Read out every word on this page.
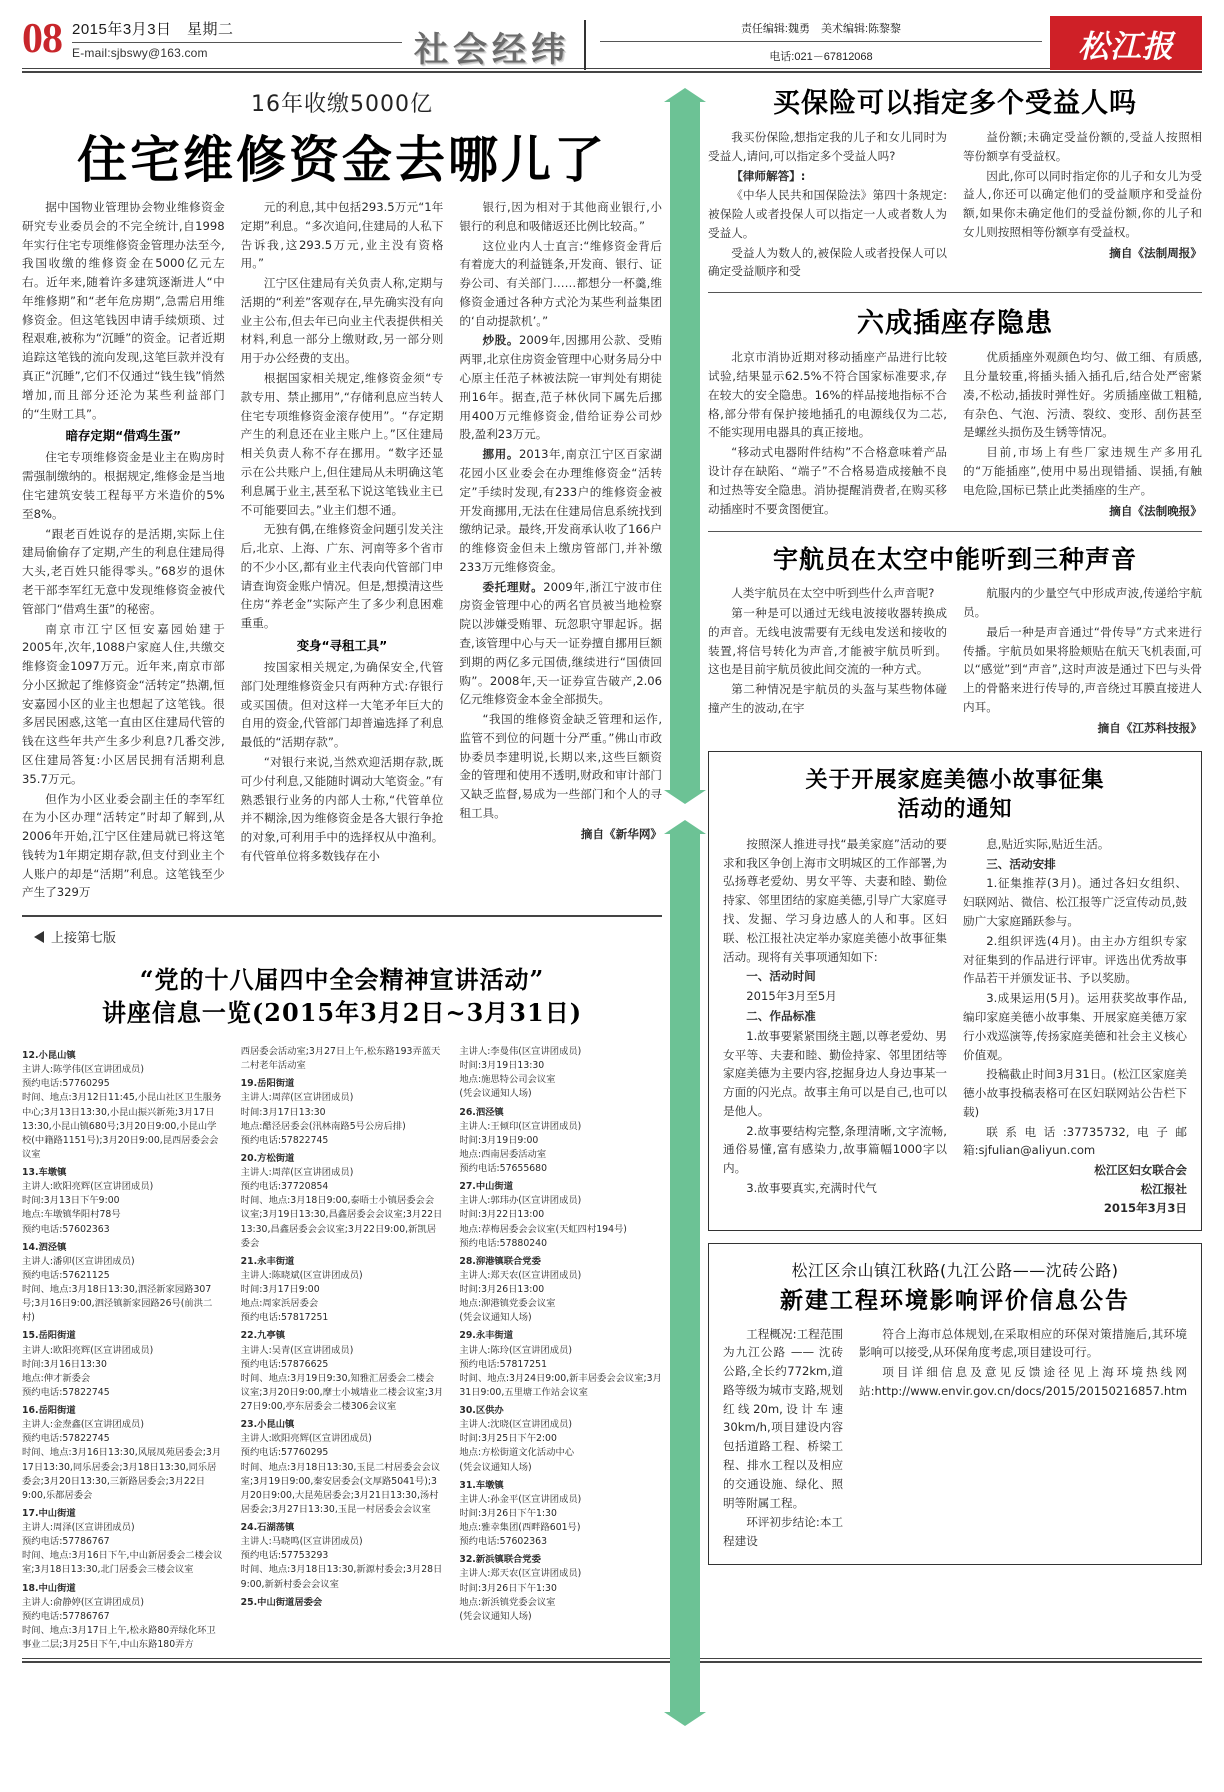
08 2015年3月3日　星期二
E-mail:sjbswy@163.com	社会经纬
责任编辑:魏勇　美术编辑:陈黎黎
电话:021－67812068	松江报
16年收缴5000亿
住宅维修资金去哪儿了

据中国物业管理协会物业维修资金研究专业委员会的不完全统计,自1998年实行住宅专项维修资金管理办法至今,我国收缴的维修资金在5000亿元左右。近年来,随着许多建筑逐渐进人“中年维修期”和“老年危房期”,急需启用维修资金。但这笔钱因申请手续烦琐、过程艰难,被称为“沉睡”的资金。记者近期追踪这笔钱的流向发现,这笔巨款并没有真正“沉睡”,它们不仅通过“钱生钱”悄然增加,而且部分还沦为某些利益部门的“生财工具”。

暗存定期“借鸡生蛋”

住宅专项维修资金是业主在购房时需强制缴纳的。根据规定,维修金是当地住宅建筑安装工程每平方米造价的5%至8%。

“跟老百姓说存的是活期,实际上住建局偷偷存了定期,产生的利息住建局得大头,老百姓只能得零头。”68岁的退休老干部李军红无意中发现维修资金被代管部门“借鸡生蛋”的秘密。

南京市江宁区恒安嘉园始建于2005年,次年,1088户家庭人住,共缴交维修资金1097万元。近年来,南京市部分小区掀起了维修资金“活转定”热潮,恒安嘉园小区的业主也想起了这笔钱。很多居民困惑,这笔一直由区住建局代管的钱在这些年共产生多少利息?几番交涉,区住建局答复:小区居民拥有活期利息35.7万元。

但作为小区业委会副主任的李军红在为小区办理“活转定”时却了解到,从2006年开始,江宁区住建局就已将这笔钱转为1年期定期存款,但支付到业主个人账户的却是“活期”利息。这笔钱至少产生了329万

元的利息,其中包括293.5万元“1年定期”利息。“多次追问,住建局的人私下告诉我,这293.5万元,业主没有资格用。”

江宁区住建局有关负责人称,定期与活期的“利差”客观存在,早先确实没有向业主公布,但去年已向业主代表提供相关材料,利息一部分上缴财政,另一部分则用于办公经费的支出。

根据国家相关规定,维修资金须“专款专用、禁止挪用”,“存储利息应当转人住宅专项维修资金滚存使用”。“存定期产生的利息还在业主账户上。”区住建局相关负责人称不存在挪用。“数字还显示在公共账户上,但住建局从未明确这笔利息属于业主,甚至私下说这笔钱业主已不可能要回去。”业主们想不通。

无独有偶,在维修资金问题引发关注后,北京、上海、广东、河南等多个省市的不少小区,都有业主代表向代管部门申请查询资金账户情况。但是,想摸清这些住房“养老金”实际产生了多少利息困难重重。

变身“寻租工具”

按国家相关规定,为确保安全,代管部门处理维修资金只有两种方式:存银行或买国债。但对这样一大笔矛年巨大的自用的资金,代管部门却普遍选择了利息最低的“活期存款”。

“对银行来说,当然欢迎活期存款,既可少付利息,又能随时调动大笔资金。”有熟悉银行业务的内部人士称,“代管单位并不糊涂,因为维修资金是各大银行争抢的对象,可利用手中的选择权从中渔利。有代管单位将多数钱存在小

银行,因为相对于其他商业银行,小银行的利息和吸储返还比例比较高。”

这位业内人士直言:“维修资金背后有着庞大的利益链条,开发商、银行、证券公司、有关部门……都想分一杯羹,维修资金通过各种方式沦为某些利益集团的‘自动提款机’。”

炒股。2009年,因挪用公款、受贿两罪,北京住房资金管理中心财务局分中心原主任范子林被法院一审判处有期徒刑16年。据查,范子林伙同下属先后挪用400万元维修资金,借给证券公司炒股,盈利23万元。

挪用。2013年,南京江宁区百家湖花园小区业委会在办理维修资金“活转定”手续时发现,有233户的维修资金被开发商挪用,无法在住建局信息系统找到缴纳记录。最终,开发商承认收了166户的维修资金但未上缴房管部门,并补缴233万元维修资金。

委托理财。2009年,浙江宁波市住房资金管理中心的两名官员被当地检察院以涉嫌受贿罪、玩忽职守罪起诉。据查,该管理中心与天一证券擅自挪用巨额到期的两亿多元国债,继续进行“国债回购”。2008年,天一证券宣告破产,2.06亿元维修资金本金全部损失。

“我国的维修资金缺乏管理和运作,监管不到位的问题十分严重。”佛山市政协委员李建明说,长期以来,这些巨额资金的管理和使用不透明,财政和审计部门又缺乏监督,易成为一些部门和个人的寻租工具。

摘自《新华网》

上接第七版
“党的十八届四中全会精神宣讲活动”
讲座信息一览(2015年3月2日~3月31日)

12.小昆山镇

主讲人:陈学伟(区宣讲团成员)

预约电话:57760295

时间、地点:3月12日11:45,小昆山社区卫生服务中心;3月13日13:30,小昆山振兴新苑;3月17日13:30,小昆山镇680号;3月20日9:00,小昆山学校(中籍路1151号);3月20日9:00,昆西居委会会议室

13.车墩镇

主讲人:欧阳亮辉(区宣讲团成员)

时间:3月13日下午9:00

地点:车墩镇华阳村78号

预约电话:57602363

14.泗泾镇

主讲人:潘卯(区宣讲团成员)

预约电话:57621125

时间、地点:3月18日13:30,泗泾新家园路307号;3月16日9:00,泗泾镇新家园路26号(前洪二村)

15.岳阳街道

主讲人:欧阳亮辉(区宣讲团成员)

时间:3月16日13:30

地点:伸才新委会

预约电话:57822745

16.岳阳街道

主讲人:金焘鑫(区宣讲团成员)

预约电话:57822745

时间、地点:3月16日13:30,风展凤苑居委会;3月17日13:30,同乐居委会;3月18日13:30,同乐居委会;3月20日13:30,三新路居委会;3月22日9:00,乐都居委会

17.中山街道

主讲人:周泽(区宣讲团成员)

预约电话:57786767

时间、地点:3月16日下午,中山新居委会二楼会议室;3月18日13:30,北门居委会三楼会议室

18.中山街道

主讲人:俞静婷(区宣讲团成员)

预约电话:57786767

时间、地点:3月17日上午,松永路80弄绿化环卫事业二层;3月25日下午,中山东路180弄方

西居委会活动室;3月27日上午,松东路193弄蓝天二村老年活动室

19.岳阳街道

主讲人:周萍(区宣讲团成员)

时间:3月17日13:30

地点:醋泾居委会(汛林南路5号公房后排)

预约电话:57822745

20.方松街道

主讲人:周萍(区宣讲团成员)

预约电话:37720854

时间、地点:3月18日9:00,泰晤士小镇居委会会议室;3月19日13:30,昌鑫居委会会议室;3月22日13:30,昌鑫居委会会议室;3月22日9:00,新凯居委会

21.永丰街道

主讲人:陈晓斌(区宣讲团成员)

时间:3月17日9:00

地点:周家浜居委会

预约电话:57817251

22.九亭镇

主讲人:吴青(区宣讲团成员)

预约电话:57876625

时间、地点:3月19日9:30,知雅汇居委会二楼会议室;3月20日9:00,摩士小城墙业二楼会议室;3月27日9:00,亭东居委会二楼306会议室

23.小昆山镇

主讲人:欧阳亮辉(区宣讲团成员)

预约电话:57760295

时间、地点:3月18日13:30,玉昆二村居委会会议室;3月19日9:00,秦安居委会(文厚路5041号);3月20日9:00,大昆苑居委会;3月21日13:30,汤村居委会;3月27日13:30,玉昆一村居委会会议室

24.石湖荡镇

主讲人:马晓鸣(区宣讲团成员)

预约电话:57753293

时间、地点:3月18日13:30,新源村委会;3月28日9:00,新新村委会会议室

25.中山街道居委会

主讲人:李曼伟(区宣讲团成员)

时间:3月19日13:30

地点:施思特公司会议室

(凭会议通知人场)

26.泗泾镇

主讲人:王倾印(区宣讲团成员)

时间:3月19日9:00

地点:西南居委活动室

预约电话:57655680

27.中山街道

主讲人:郭玮办(区宣讲团成员)

时间:3月22日13:00

地点:荐梅居委会会议室(天虹四村194号)

预约电话:57880240

28.泖港镇联合党委

主讲人:郑天农(区宣讲团成员)

时间:3月26日13:00

地点:泖港镇党委会议室

(凭会议通知人场)

29.永丰街道

主讲人:陈玲(区宣讲团成员)

预约电话:57817251

时间、地点:3月24日9:00,新丰居委会会议室;3月31日9:00,五里塘工作站会议室

30.区供办

主讲人:沈晓(区宣讲团成员)

时间:3月25日下午2:00

地点:方松街道文化活动中心

(凭会议通知人场)

31.车墩镇

主讲人:孙金平(区宣讲团成员)

时间:3月26日下午1:30

地点:雅幸集团(西畔路601号)

预约电话:57602363

32.新浜镇联合党委

主讲人:郑天农(区宣讲团成员)

时间:3月26日下午1:30

地点:新浜镇党委会议室

(凭会议通知人场)

买保险可以指定多个受益人吗

我买份保险,想指定我的儿子和女儿同时为受益人,请问,可以指定多个受益人吗?

【律师解答】:

《中华人民共和国保险法》第四十条规定:被保险人或者投保人可以指定一人或者数人为受益人。

受益人为数人的,被保险人或者投保人可以确定受益顺序和受

益份额;未确定受益份额的,受益人按照相等份额享有受益权。

因此,你可以同时指定你的儿子和女儿为受益人,你还可以确定他们的受益顺序和受益份额,如果你未确定他们的受益份额,你的儿子和女儿则按照相等份额享有受益权。

摘自《法制周报》

六成插座存隐患

北京市消协近期对移动插座产品进行比较试验,结果显示62.5%不符合国家标准要求,存在较大的安全隐患。16%的样品接地指标不合格,部分带有保护接地插孔的电源线仅为二芯,不能实现用电器具的真正接地。

“移动式电器附件结构”不合格意味着产品设计存在缺陷、“端子”不合格易造成接触不良和过热等安全隐患。消协提醒消费者,在购买移动插座时不要贪图便宜。

优质插座外观颜色均匀、做工细、有质感,且分量较重,将插头插入插孔后,结合处严密紧凑,不松动,插拔时弹性好。劣质插座做工粗糙,有杂色、气泡、污渍、裂纹、变形、刮伤甚至是螺丝头损伤及生锈等情况。

目前,市场上有些厂家违规生产多用孔的“万能插座”,使用中易出现错插、误插,有触电危险,国标已禁止此类插座的生产。

摘自《法制晚报》

宇航员在太空中能听到三种声音

人类宇航员在太空中听到些什么声音呢?

第一种是可以通过无线电波接收器转换成的声音。无线电波需要有无线电发送和接收的装置,将信号转化为声音,才能被宇航员听到。这也是目前宇航员彼此间交流的一种方式。

第二种情况是宇航员的头盔与某些物体碰撞产生的波动,在宇

航服内的少量空气中形成声波,传递给宇航员。

最后一种是声音通过“骨传导”方式来进行传播。宇航员如果将脸颊贴在航天飞机表面,可以“感觉”到“声音”,这时声波是通过下巴与头骨上的骨骼来进行传导的,声音绕过耳膜直接进人内耳。

摘自《江苏科技报》

关于开展家庭美德小故事征集
活动的通知

按照深人推进寻找“最美家庭”活动的要求和我区争创上海市文明城区的工作部署,为弘扬尊老爱幼、男女平等、夫妻和睦、勤俭持家、邻里团结的家庭美德,引导广大家庭寻找、发掘、学习身边感人的人和事。区妇联、松江报社决定举办家庭美德小故事征集活动。现将有关事项通知如下:

一、活动时间

2015年3月至5月

二、作品标准

1.故事要紧紧围绕主题,以尊老爱幼、男女平等、夫妻和睦、勤俭持家、邻里团结等家庭美德为主要内容,挖掘身边人身边事某一方面的闪光点。故事主角可以是自己,也可以是他人。

2.故事要结构完整,条理清晰,文字流畅,通俗易懂,富有感染力,故事篇幅1000字以内。

3.故事要真实,充满时代气

息,贴近实际,贴近生活。

三、活动安排

1.征集推荐(3月)。通过各妇女组织、妇联网站、微信、松江报等广泛宣传动员,鼓励广大家庭踊跃参与。

2.组织评选(4月)。由主办方组织专家对征集到的作品进行评审。评选出优秀故事作品若干并颁发证书、予以奖励。

3.成果运用(5月)。运用获奖故事作品,编印家庭美德小故事集、开展家庭美德万家行小戏巡演等,传扬家庭美德和社会主义核心价值观。

投稿截止时间3月31日。(松江区家庭美德小故事投稿表格可在区妇联网站公告栏下载)

联系电话:37735732,电子邮箱:sjfulian@aliyun.com

松江区妇女联合会

松江报社

2015年3月3日

松江区佘山镇江秋路(九江公路——沈砖公路)
新建工程环境影响评价信息公告

工程概况:工程范围为九江公路 —— 沈砖公路,全长约772km,道路等级为城市支路,规划红线20m,设计车速30km/h,项目建设内容包括道路工程、桥梁工程、排水工程以及相应的交通设施、绿化、照明等附属工程。

环评初步结论:本工程建设

符合上海市总体规划,在采取相应的环保对策措施后,其环境影响可以接受,从环保角度考虑,项目建设可行。

项目详细信息及意见反馈途径见上海环境热线网站:http://www.envir.gov.cn/docs/2015/20150216857.htm
